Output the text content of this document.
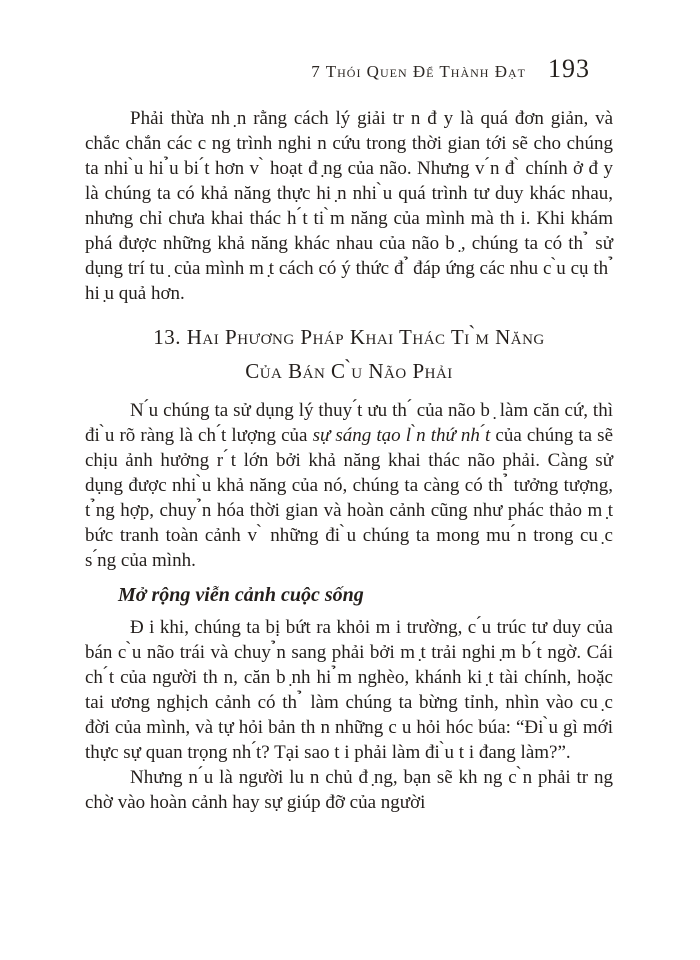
7 Thói Quen Để Thành Đạt 193

Phải thừa nh ̣n rằng cách lý giải tr n đ y là quá đơn giản, và chắc chắn các c ng trình nghi n cứu trong thời gian tới sẽ cho chúng ta nhi ̀u hi ̉u bi ́t hơn v ̀ hoạt đ ̣ng của não. Nhưng v ́n đ ̀ chính ở đ y là chúng ta có khả năng thực hi ̣n nhi ̀u quá trình tư duy khác nhau, nhưng chỉ chưa khai thác h ́t ti ̀m năng của mình mà th i. Khi khám phá được những khả năng khác nhau của não b ̣, chúng ta có th ̉ sử dụng trí tu ̣ của mình m ̣t cách có ý thức đ ̉ đáp ứng các nhu c ̀u cụ th ̉ hi ̣u quả hơn.

13. Hai Phương Pháp Khai Thác Ti ̀m Năng
Của Bán C ̀u Não Phải

N ́u chúng ta sử dụng lý thuy ́t ưu th ́ của não b ̣ làm căn cứ, thì đi ̀u rõ ràng là ch ́t lượng của sự sáng tạo l ̀n thứ nh ́t của chúng ta sẽ chịu ảnh hưởng r ́t lớn bởi khả năng khai thác não phải. Càng sử dụng được nhi ̀u khả năng của nó, chúng ta càng có th ̉ tưởng tượng, t ̉ng hợp, chuy ̉n hóa thời gian và hoàn cảnh cũng như phác thảo m ̣t bức tranh toàn cảnh v ̀ những đi ̀u chúng ta mong mu ́n trong cu ̣c s ́ng của mình.

Mở rộng viễn cảnh cuộc sống

Đ i khi, chúng ta bị bứt ra khỏi m i trường, c ́u trúc tư duy của bán c ̀u não trái và chuy ̉n sang phải bởi m ̣t trải nghi ̣m b ́t ngờ. Cái ch ́t của người th n, căn b ̣nh hi ̉m nghèo, khánh ki ̣t tài chính, hoặc tai ương nghịch cảnh có th ̉ làm chúng ta bừng tỉnh, nhìn vào cu ̣c đời của mình, và tự hỏi bản th n những c u hỏi hóc búa: “Đi ̀u gì mới thực sự quan trọng nh ́t? Tại sao t i phải làm đi ̀u t i đang làm?”.

Nhưng n ́u là người lu n chủ đ ̣ng, bạn sẽ kh ng c ̀n phải tr ng chờ vào hoàn cảnh hay sự giúp đỡ của người
